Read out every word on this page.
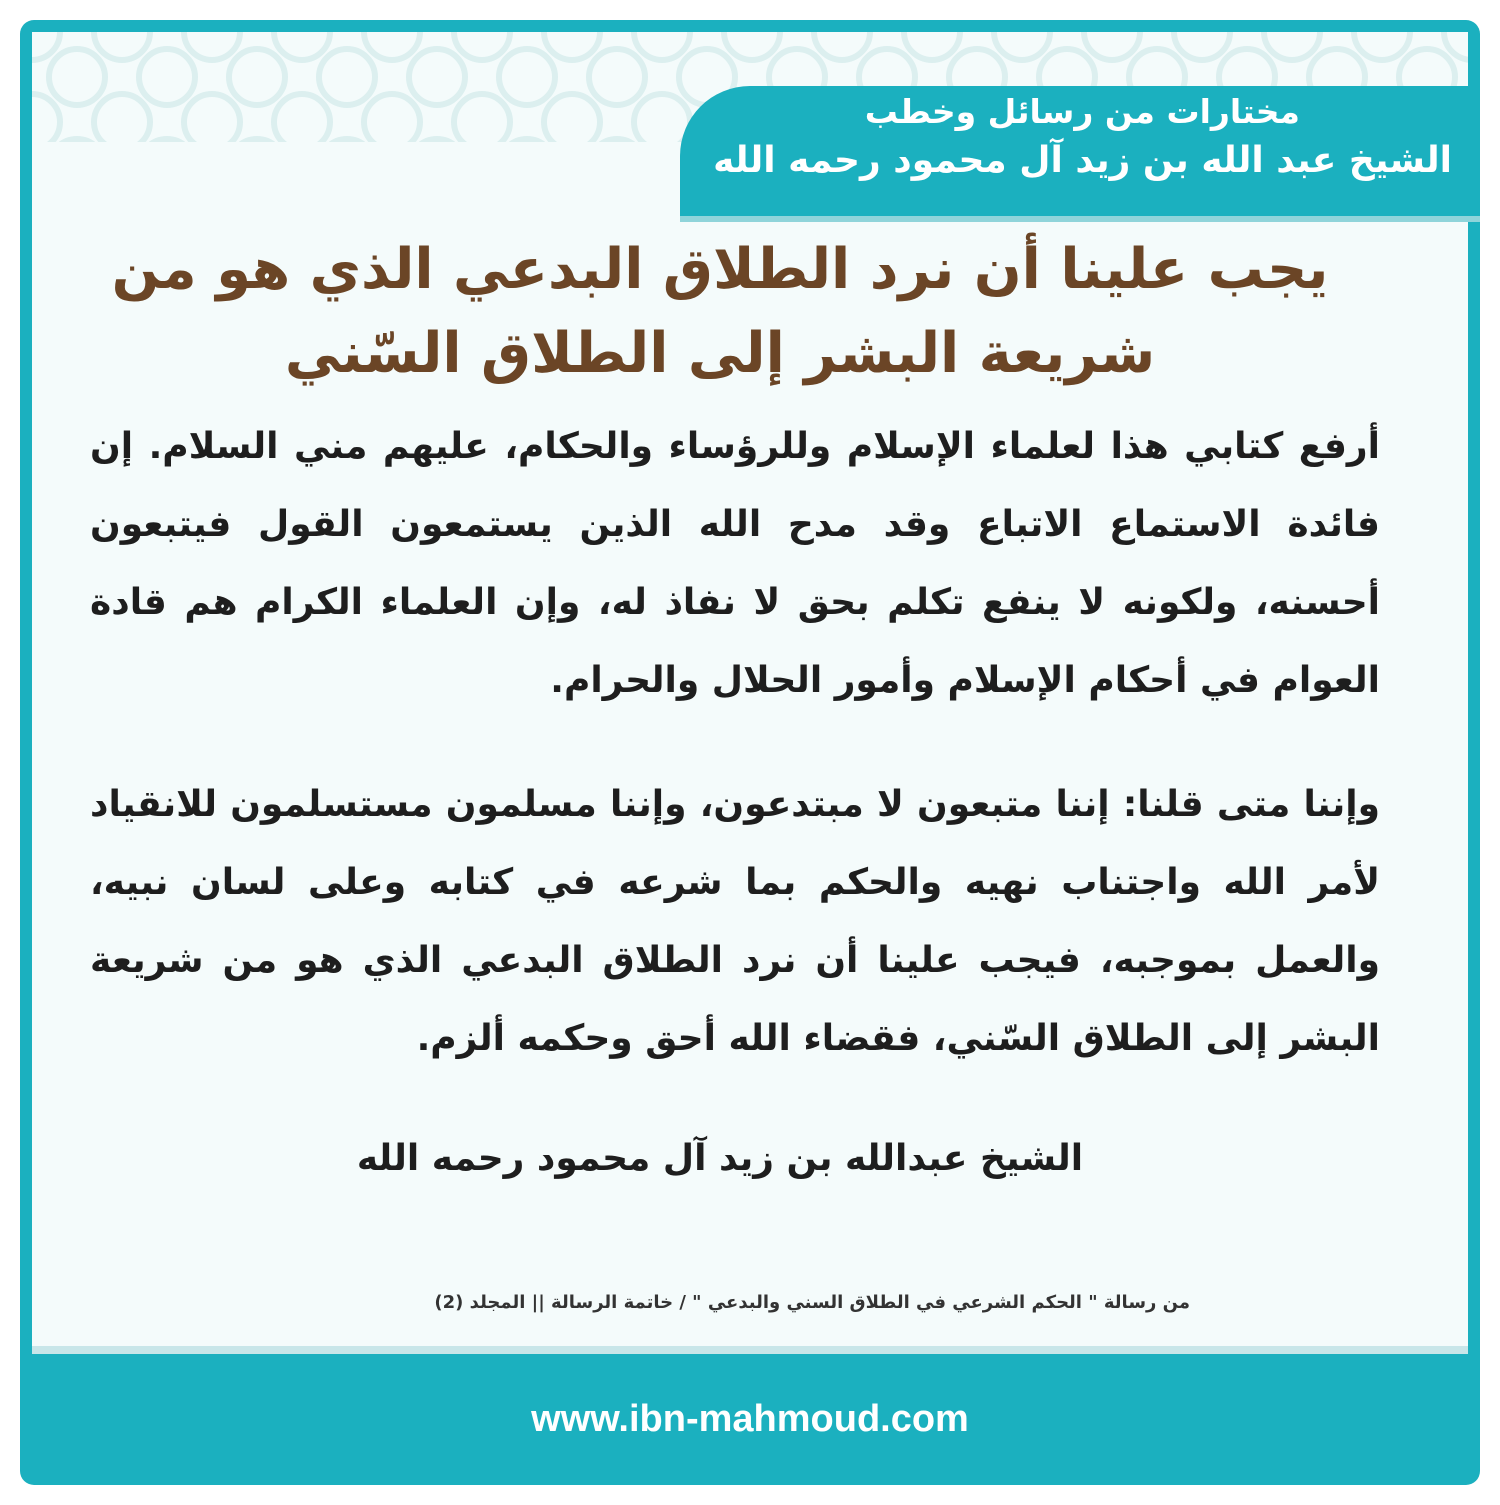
مختارات من رسائل وخطب
الشيخ عبد الله بن زيد آل محمود رحمه الله
يجب علينا أن نرد الطلاق البدعي الذي هو من شريعة البشر إلى الطلاق السّني
أرفع كتابي هذا لعلماء الإسلام وللرؤساء والحكام، عليهم مني السلام. إن فائدة الاستماع الاتباع وقد مدح الله الذين يستمعون القول فيتبعون أحسنه، ولكونه لا ينفع تكلم بحق لا نفاذ له، وإن العلماء الكرام هم قادة العوام في أحكام الإسلام وأمور الحلال والحرام.
وإننا متى قلنا: إننا متبعون لا مبتدعون، وإننا مسلمون مستسلمون للانقياد لأمر الله واجتناب نهيه والحكم بما شرعه في كتابه وعلى لسان نبيه، والعمل بموجبه، فيجب علينا أن نرد الطلاق البدعي الذي هو من شريعة البشر إلى الطلاق السّني، فقضاء الله أحق وحكمه ألزم.
الشيخ عبدالله بن زيد آل محمود رحمه الله
من رسالة " الحكم الشرعي في الطلاق السني والبدعي " / خاتمة الرسالة || المجلد (2)
www.ibn-mahmoud.com
